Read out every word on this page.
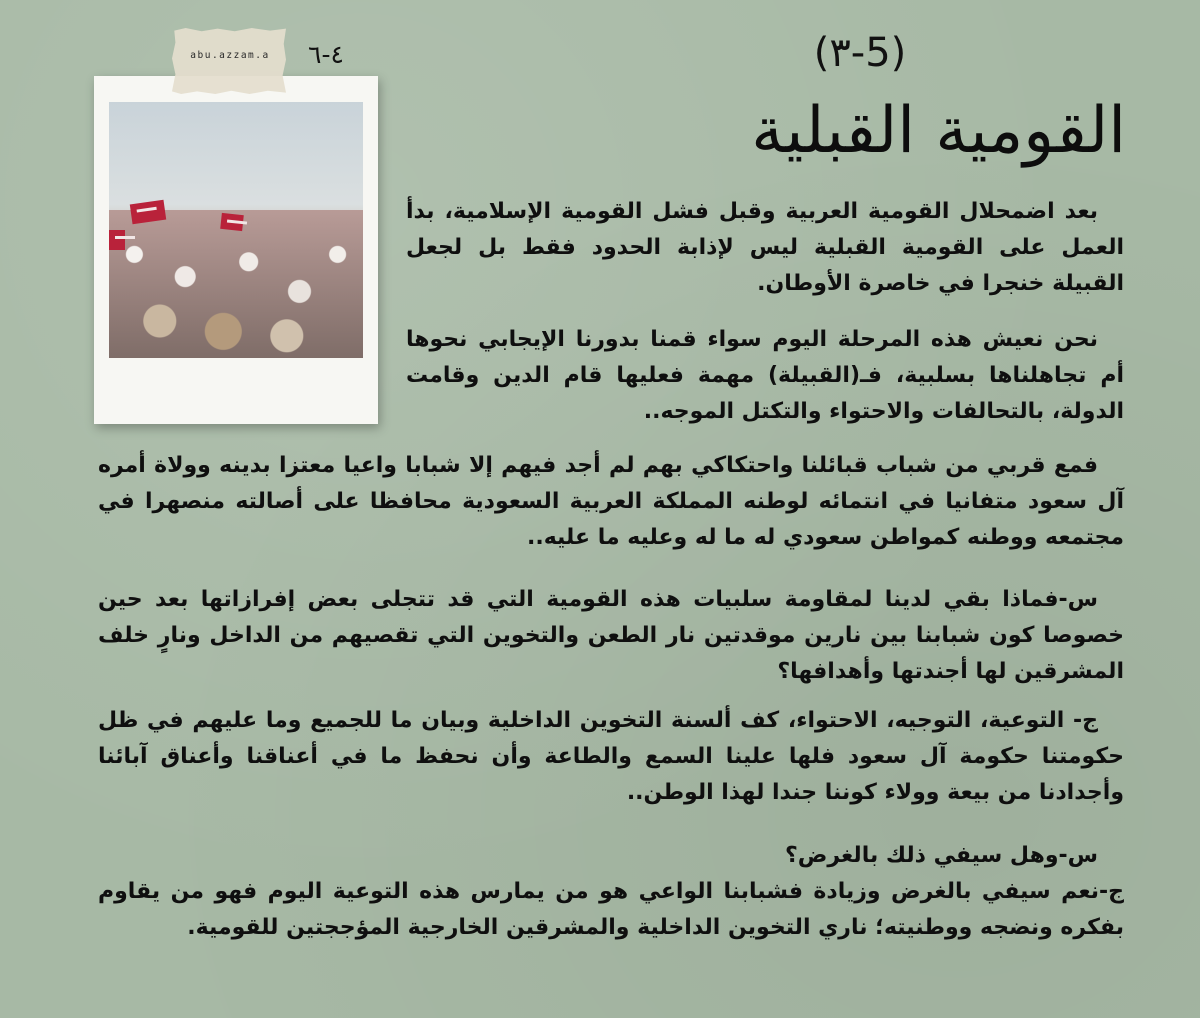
abu.azzam.a	٤-٦	(٣-5)
القومية القبلية

بعد اضمحلال القومية العربية وقبل فشل القومية الإسلامية، بدأ العمل على القومية القبلية ليس لإذابة الحدود فقط بل لجعل القبيلة خنجرا في خاصرة الأوطان.

نحن نعيش هذه المرحلة اليوم سواء قمنا بدورنا الإيجابي نحوها أم تجاهلناها بسلبية، فـ(القبيلة) مهمة فعليها قام الدين وقامت الدولة، بالتحالفات والاحتواء والتكتل الموجه..

فمع قربي من شباب قبائلنا واحتكاكي بهم لم أجد فيهم إلا شبابا واعيا معتزا بدينه وولاة أمره آل سعود متفانيا في انتمائه لوطنه المملكة العربية السعودية محافظا على أصالته منصهرا في مجتمعه ووطنه كمواطن سعودي له ما له وعليه ما عليه..

س-فماذا بقي لدينا لمقاومة سلبيات هذه القومية التي قد تتجلى بعض إفرازاتها بعد حين خصوصا كون شبابنا بين نارين موقدتين نار الطعن والتخوين التي تقصيهم من الداخل ونارٍ خلف المشرقين لها أجندتها وأهدافها؟

ج- التوعية، التوجيه، الاحتواء، كف ألسنة التخوين الداخلية وبيان ما للجميع وما عليهم في ظل حكومتنا حكومة آل سعود فلها علينا السمع والطاعة وأن نحفظ ما في أعناقنا وأعناق آبائنا وأجدادنا من بيعة وولاء كوننا جندا لهذا الوطن..

س-وهل سيفي ذلك بالغرض؟

ج-نعم سيفي بالغرض وزيادة فشبابنا الواعي هو من يمارس هذه التوعية اليوم فهو من يقاوم بفكره ونضجه ووطنيته؛ ناري التخوين الداخلية والمشرقين الخارجية المؤججتين للقومية.
